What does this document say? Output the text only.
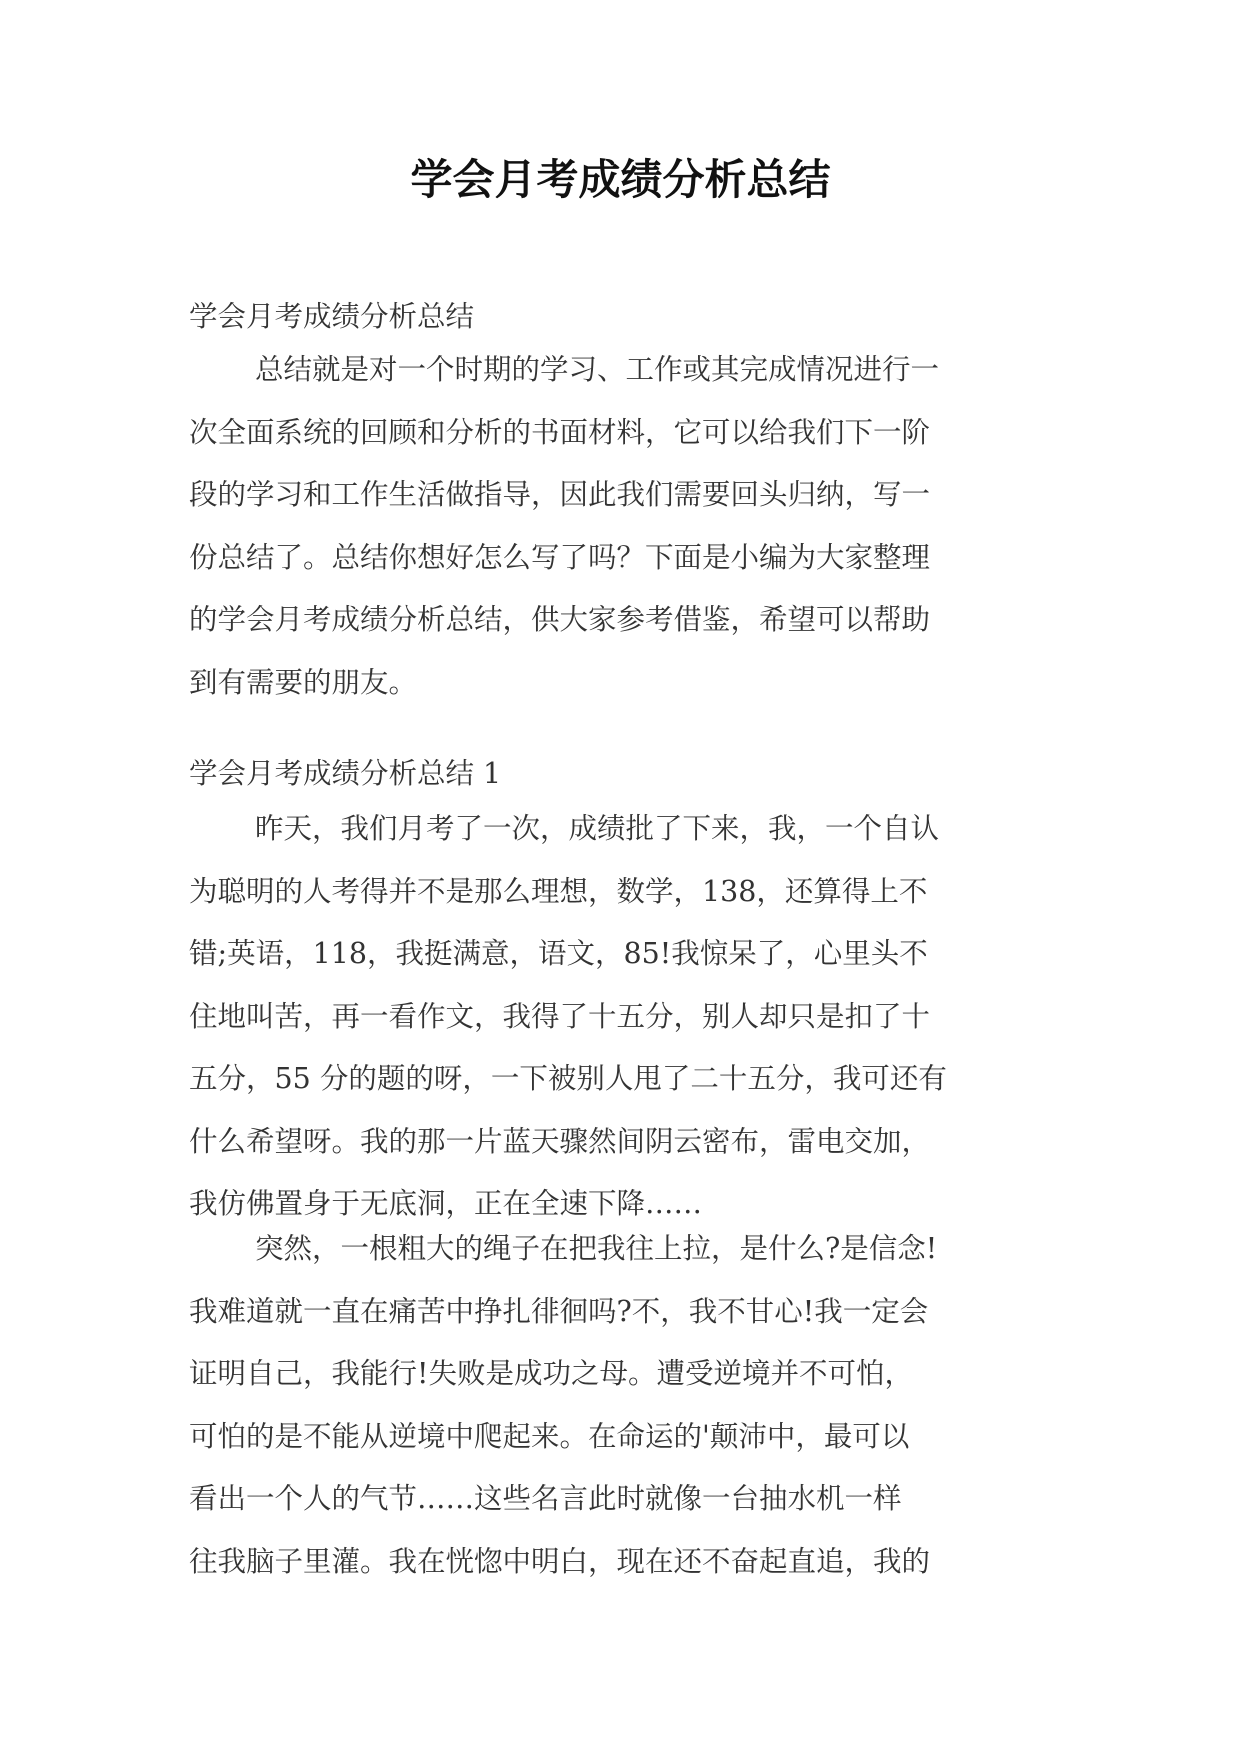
学会月考成绩分析总结
学会月考成绩分析总结
总结就是对一个时期的学习、工作或其完成情况进行一
次全面系统的回顾和分析的书面材料，它可以给我们下一阶
段的学习和工作生活做指导，因此我们需要回头归纳，写一
份总结了。总结你想好怎么写了吗？下面是小编为大家整理
的学会月考成绩分析总结，供大家参考借鉴，希望可以帮助
到有需要的朋友。
学会月考成绩分析总结 1
昨天，我们月考了一次，成绩批了下来，我，一个自认
为聪明的人考得并不是那么理想，数学，138，还算得上不
错;英语，118，我挺满意，语文，85!我惊呆了，心里头不
住地叫苦，再一看作文，我得了十五分，别人却只是扣了十
五分，55 分的题的呀，一下被别人甩了二十五分，我可还有
什么希望呀。我的那一片蓝天骤然间阴云密布，雷电交加，
我仿佛置身于无底洞，正在全速下降……
突然，一根粗大的绳子在把我往上拉，是什么?是信念!
我难道就一直在痛苦中挣扎徘徊吗?不，我不甘心!我一定会
证明自己，我能行!失败是成功之母。遭受逆境并不可怕，
可怕的是不能从逆境中爬起来。在命运的'颠沛中，最可以
看出一个人的气节……这些名言此时就像一台抽水机一样
往我脑子里灌。我在恍惚中明白，现在还不奋起直追，我的
